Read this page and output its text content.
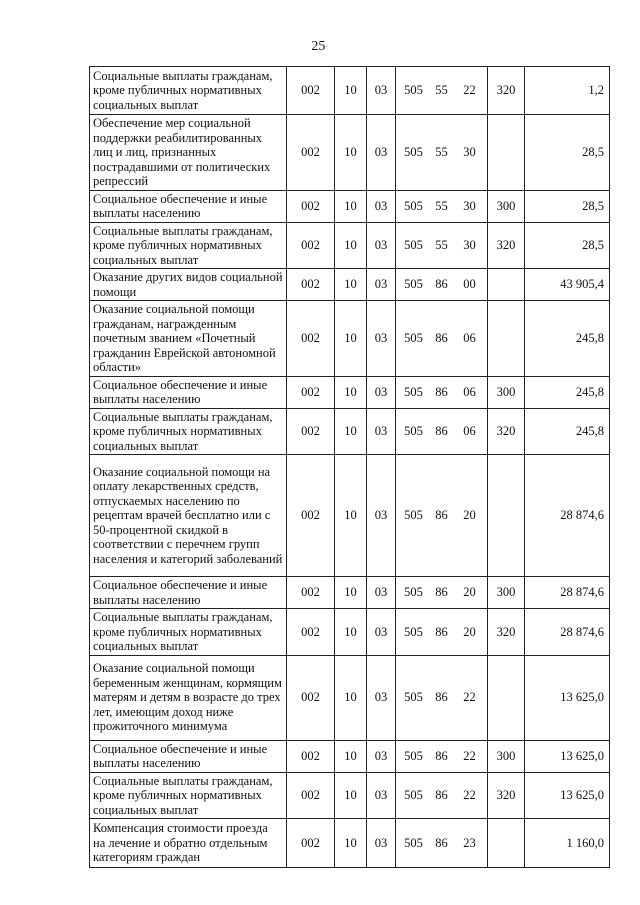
25·
Социальные выплаты гражданам, кроме публичных нормативных социальных выплат	002	10	03	505 55 22	320	1,2
Обеспечение мер социальной поддержки реабилитированных лиц и лиц, признанных пострадавшими от политических репрессий	002	10	03	505 55 30		28,5
Социальное обеспечение и иные выплаты населению	002	10	03	505 55 30	300	28,5
Социальные выплаты гражданам, кроме публичных нормативных социальных выплат	002	10	03	505 55 30	320	28,5
Оказание других видов социальной помощи	002	10	03	505 86 00		43 905,4
Оказание социальной помощи гражданам, награжденным почетным званием «Почетный гражданин Еврейской автономной области»	002	10	03	505 86 06		245,8
Социальное обеспечение и иные выплаты населению	002	10	03	505 86 06	300	245,8
Социальные выплаты гражданам, кроме публичных нормативных социальных выплат	002	10	03	505 86 06	320	245,8
Оказание социальной помощи на оплату лекарственных средств, отпускаемых населению по рецептам врачей бесплатно или с 50-процентной скидкой в соответствии с перечнем групп населения и категорий заболеваний	002	10	03	505 86 20		28 874,6
Социальное обеспечение и иные выплаты населению	002	10	03	505 86 20	300	28 874,6
Социальные выплаты гражданам, кроме публичных нормативных социальных выплат	002	10	03	505 86 20	320	28 874,6
Оказание социальной помощи беременным женщинам, кормящим матерям и детям в возрасте до трех лет, имеющим доход ниже прожиточного минимума	002	10	03	505 86 22		13 625,0
Социальное обеспечение и иные выплаты населению	002	10	03	505 86 22	300	13 625,0
Социальные выплаты гражданам, кроме публичных нормативных социальных выплат	002	10	03	505 86 22	320	13 625,0
Компенсация стоимости проезда на лечение и обратно отдельным категориям граждан	002	10	03	505 86 23		1 160,0
